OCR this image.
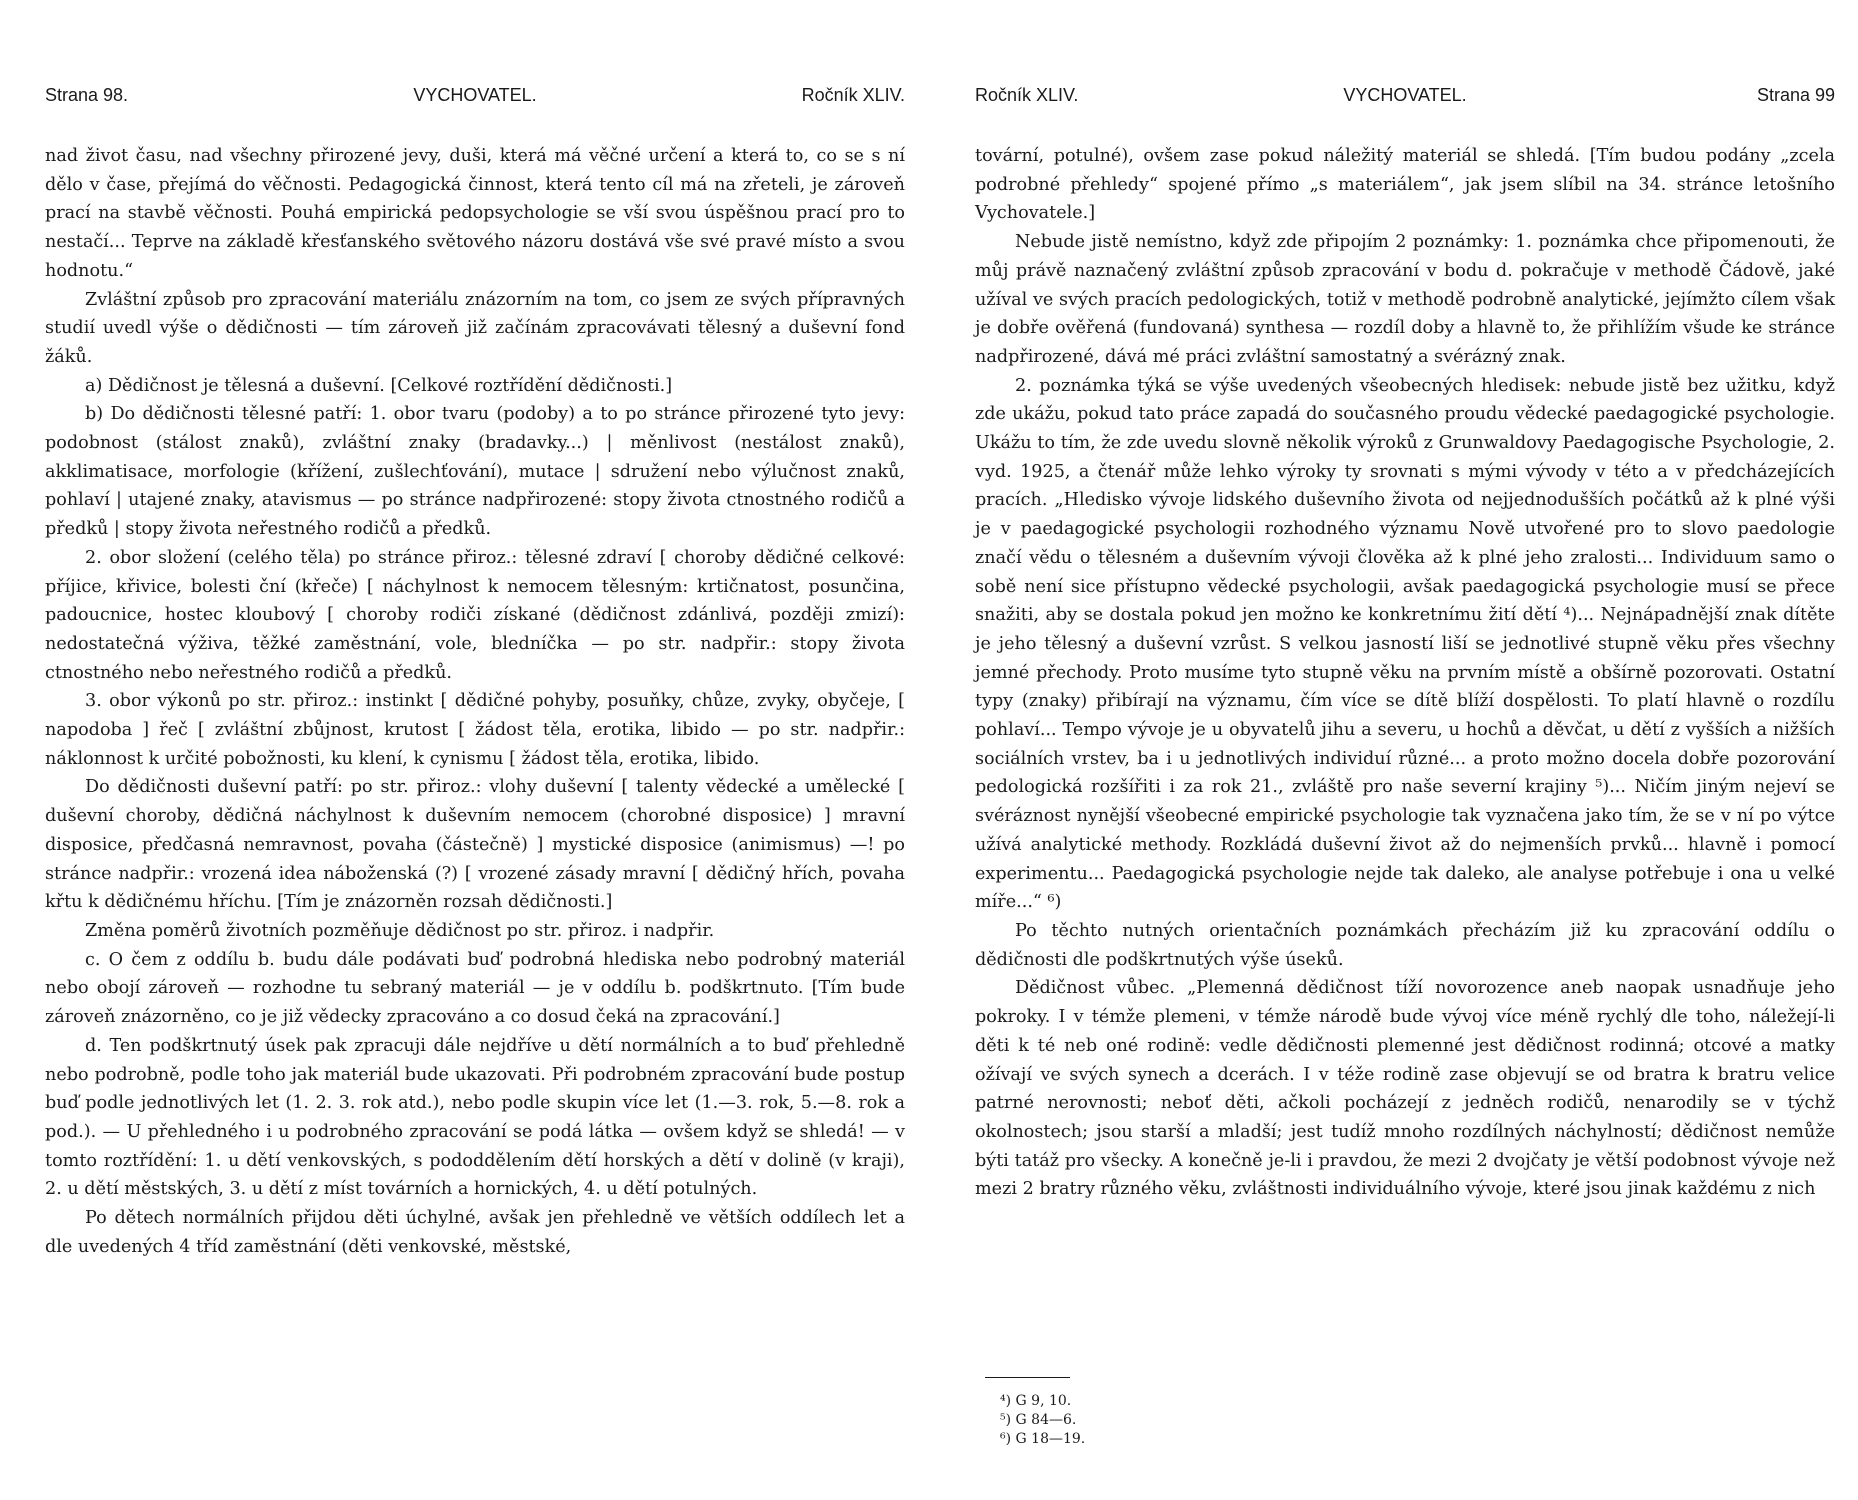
Strana 98.	VYCHOVATEL.	Ročník XLIV.

nad život času, nad všechny přirozené jevy, duši, která má věčné určení a která to, co se s ní dělo v čase, přejímá do věčnosti. Pedagogická činnost, která tento cíl má na zřeteli, je zároveň prací na stavbě věčnosti. Pouhá empirická pedopsychologie se vší svou úspěšnou prací pro to nestačí... Teprve na základě křesťanského světového názoru dostává vše své pravé místo a svou hodnotu.“

Zvláštní způsob pro zpracování materiálu znázorním na tom, co jsem ze svých přípravných studií uvedl výše o dědičnosti — tím zároveň již začínám zpracovávati tělesný a duševní fond žáků.

a) Dědičnost je tělesná a duševní. [Celkové roztřídění dědičnosti.]

b) Do dědičnosti tělesné patří: 1. obor tvaru (podoby) a to po stránce přirozené tyto jevy: podobnost (stálost znaků), zvláštní znaky (bradavky...) | měnlivost (nestálost znaků), akklimatisace, morfologie (křížení, zušlechťování), mutace | sdružení nebo výlučnost znaků, pohlaví | utajené znaky, atavismus — po stránce nadpřirozené: stopy života ctnostného rodičů a předků | stopy života neřestného rodičů a předků.

2. obor složení (celého těla) po stránce přiroz.: tělesné zdraví [ choroby dědičné celkové: příjice, křivice, bolesti ční (křeče) [ náchylnost k nemocem tělesným: krtičnatost, posunčina, padoucnice, hostec kloubový [ choroby rodiči získané (dědičnost zdánlivá, později zmizí): nedostatečná výživa, těžké zaměstnání, vole, bledníčka — po str. nadpřir.: stopy života ctnostného nebo neřestného rodičů a předků.

3. obor výkonů po str. přiroz.: instinkt [ dědičné pohyby, posuňky, chůze, zvyky, obyčeje, [ napodoba ] řeč [ zvláštní zbůjnost, krutost [ žádost těla, erotika, libido — po str. nadpřir.: náklonnost k určité pobožnosti, ku klení, k cynismu [ žádost těla, erotika, libido.

Do dědičnosti duševní patří: po str. přiroz.: vlohy duševní [ talenty vědecké a umělecké [ duševní choroby, dědičná náchylnost k duševním nemocem (chorobné disposice) ] mravní disposice, předčasná nemravnost, povaha (částečně) ] mystické disposice (animismus) —! po stránce nadpřir.: vrozená idea náboženská (?) [ vrozené zásady mravní [ dědičný hřích, povaha křtu k dědičnému hříchu. [Tím je znázorněn rozsah dědičnosti.]

Změna poměrů životních pozměňuje dědičnost po str. přiroz. i nadpřir.

c. O čem z oddílu b. budu dále podávati buď podrobná hlediska nebo podrobný materiál nebo obojí zároveň — rozhodne tu sebraný materiál — je v oddílu b. podškrtnuto. [Tím bude zároveň znázorněno, co je již vědecky zpracováno a co dosud čeká na zpracování.]

d. Ten podškrtnutý úsek pak zpracuji dále nejdříve u dětí normálních a to buď přehledně nebo podrobně, podle toho jak materiál bude ukazovati. Při podrobném zpracování bude postup buď podle jednotlivých let (1. 2. 3. rok atd.), nebo podle skupin více let (1.—3. rok, 5.—8. rok a pod.). — U přehledného i u podrobného zpracování se podá látka — ovšem když se shledá! — v tomto roztřídění: 1. u dětí venkovských, s pododdělením dětí horských a dětí v dolině (v kraji), 2. u dětí městských, 3. u dětí z míst továrních a hornických, 4. u dětí potulných.

Po dětech normálních přijdou děti úchylné, avšak jen přehledně ve větších oddílech let a dle uvedených 4 tříd zaměstnání (děti venkovské, městské,

Ročník XLIV.	VYCHOVATEL.	Strana 99

tovární, potulné), ovšem zase pokud náležitý materiál se shledá. [Tím budou podány „zcela podrobné přehledy“ spojené přímo „s materiálem“, jak jsem slíbil na 34. stránce letošního Vychovatele.]

Nebude jistě nemístno, když zde připojím 2 poznámky: 1. poznámka chce připomenouti, že můj právě naznačený zvláštní způsob zpracování v bodu d. pokračuje v methodě Čádově, jaké užíval ve svých pracích pedologických, totiž v methodě podrobně analytické, jejímžto cílem však je dobře ověřená (fundovaná) synthesa — rozdíl doby a hlavně to, že přihlížím všude ke stránce nadpřirozené, dává mé práci zvláštní samostatný a svérázný znak.

2. poznámka týká se výše uvedených všeobecných hledisek: nebude jistě bez užitku, když zde ukážu, pokud tato práce zapadá do současného proudu vědecké paedagogické psychologie. Ukážu to tím, že zde uvedu slovně několik výroků z Grunwaldovy Paedagogische Psychologie, 2. vyd. 1925, a čtenář může lehko výroky ty srovnati s mými vývody v této a v předcházejících pracích. „Hledisko vývoje lidského duševního života od nejjednodušších počátků až k plné výši je v paedagogické psychologii rozhodného významu Nově utvořené pro to slovo paedologie značí vědu o tělesném a duševním vývoji člověka až k plné jeho zralosti... Individuum samo o sobě není sice přístupno vědecké psychologii, avšak paedagogická psychologie musí se přece snažiti, aby se dostala pokud jen možno ke konkretnímu žití dětí ⁴)... Nejnápadnější znak dítěte je jeho tělesný a duševní vzrůst. S velkou jasností liší se jednotlivé stupně věku přes všechny jemné přechody. Proto musíme tyto stupně věku na prvním místě a obšírně pozorovati. Ostatní typy (znaky) přibírají na významu, čím více se dítě blíží dospělosti. To platí hlavně o rozdílu pohlaví... Tempo vývoje je u obyvatelů jihu a severu, u hochů a děvčat, u dětí z vyšších a nižších sociálních vrstev, ba i u jednotlivých individuí různé... a proto možno docela dobře pozorování pedologická rozšířiti i za rok 21., zvláště pro naše severní krajiny ⁵)... Ničím jiným nejeví se svéráznost nynější všeobecné empirické psychologie tak vyznačena jako tím, že se v ní po výtce užívá analytické methody. Rozkládá duševní život až do nejmenších prvků... hlavně i pomocí experimentu... Paedagogická psychologie nejde tak daleko, ale analyse potřebuje i ona u velké míře...“ ⁶)

Po těchto nutných orientačních poznámkách přecházím již ku zpracování oddílu o dědičnosti dle podškrtnutých výše úseků.

Dědičnost vůbec. „Plemenná dědičnost tíží novorozence aneb naopak usnadňuje jeho pokroky. I v témže plemeni, v témže národě bude vývoj více méně rychlý dle toho, náležejí-li děti k té neb oné rodině: vedle dědičnosti plemenné jest dědičnost rodinná; otcové a matky ožívají ve svých synech a dcerách. I v téže rodině zase objevují se od bratra k bratru velice patrné nerovnosti; neboť děti, ačkoli pocházejí z jedněch rodičů, nenarodily se v týchž okolnostech; jsou starší a mladší; jest tudíž mnoho rozdílných náchylností; dědičnost nemůže býti tatáž pro všecky. A konečně je-li i pravdou, že mezi 2 dvojčaty je větší podobnost vývoje než mezi 2 bratry různého věku, zvláštnosti individuálního vývoje, které jsou jinak každému z nich

⁴) G 9, 10.
⁵) G 84—6.
⁶) G 18—19.
